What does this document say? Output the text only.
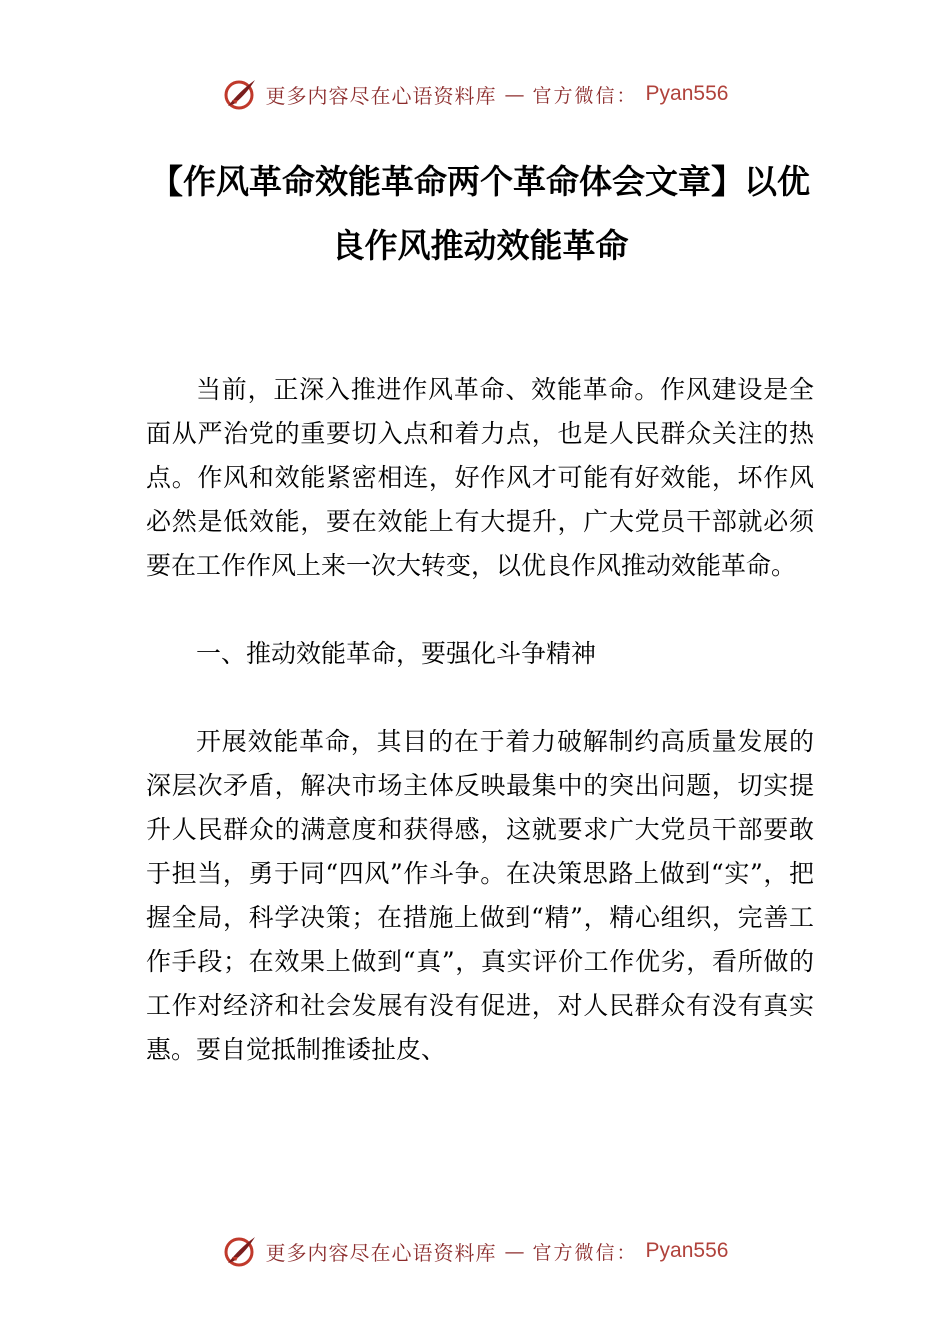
更多内容尽在心语资料库 — 官方微信： Pyan556
【作风革命效能革命两个革命体会文章】以优良作风推动效能革命

当前，正深入推进作风革命、效能革命。作风建设是全面从严治党的重要切入点和着力点，也是人民群众关注的热点。作风和效能紧密相连，好作风才可能有好效能，坏作风必然是低效能，要在效能上有大提升，广大党员干部就必须要在工作作风上来一次大转变，以优良作风推动效能革命。

一、推动效能革命，要强化斗争精神

开展效能革命，其目的在于着力破解制约高质量发展的深层次矛盾，解决市场主体反映最集中的突出问题，切实提升人民群众的满意度和获得感，这就要求广大党员干部要敢于担当，勇于同“四风”作斗争。在决策思路上做到“实”，把握全局，科学决策；在措施上做到“精”，精心组织，完善工作手段；在效果上做到“真”，真实评价工作优劣，看所做的工作对经济和社会发展有没有促进，对人民群众有没有真实惠。要自觉抵制推诿扯皮、

更多内容尽在心语资料库 — 官方微信： Pyan556
